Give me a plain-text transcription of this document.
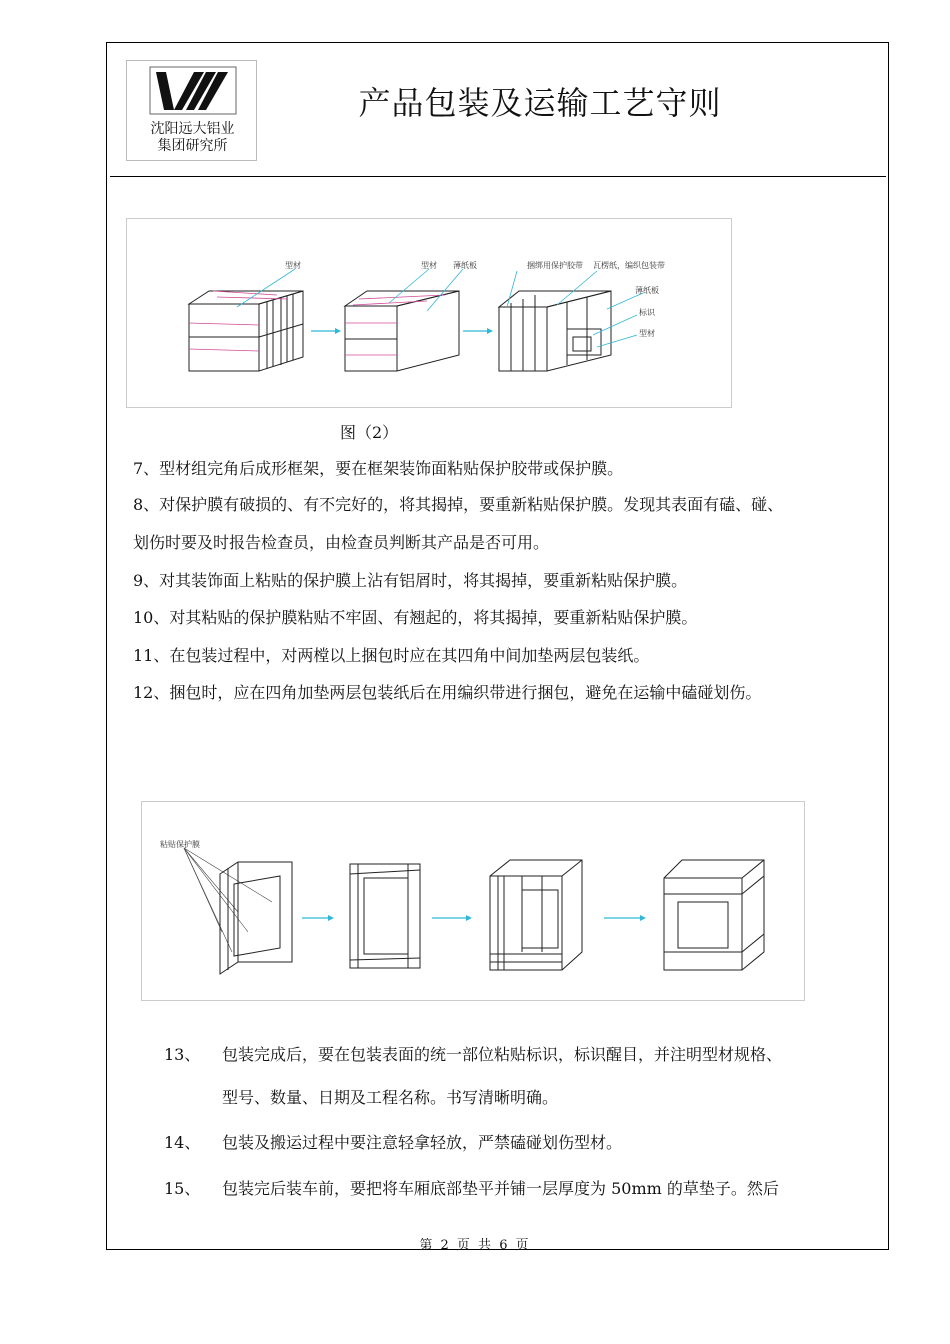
沈阳远大铝业
集团研究所
产品包装及运输工艺守则
型材	型材 薄纸板	捆绑用保护胶带 瓦楞纸，编织包装带
薄纸板
标识
型材
图（2）
7、型材组完角后成形框架，要在框架装饰面粘贴保护胶带或保护膜。
8、对保护膜有破损的、有不完好的，将其揭掉，要重新粘贴保护膜。发现其表面有磕、碰、
划伤时要及时报告检查员，由检查员判断其产品是否可用。
9、对其装饰面上粘贴的保护膜上沾有铝屑时，将其揭掉，要重新粘贴保护膜。
10、对其粘贴的保护膜粘贴不牢固、有翘起的，将其揭掉，要重新粘贴保护膜。
11、在包装过程中，对两樘以上捆包时应在其四角中间加垫两层包装纸。
12、捆包时，应在四角加垫两层包装纸后在用编织带进行捆包，避免在运输中磕碰划伤。
粘贴保护膜
13、 包装完成后，要在包装表面的统一部位粘贴标识，标识醒目，并注明型材规格、
型号、数量、日期及工程名称。书写清晰明确。
14、 包装及搬运过程中要注意轻拿轻放，严禁磕碰划伤型材。
15、 包装完后装车前，要把将车厢底部垫平并铺一层厚度为 50mm 的草垫子。然后
第 2 页 共 6 页
